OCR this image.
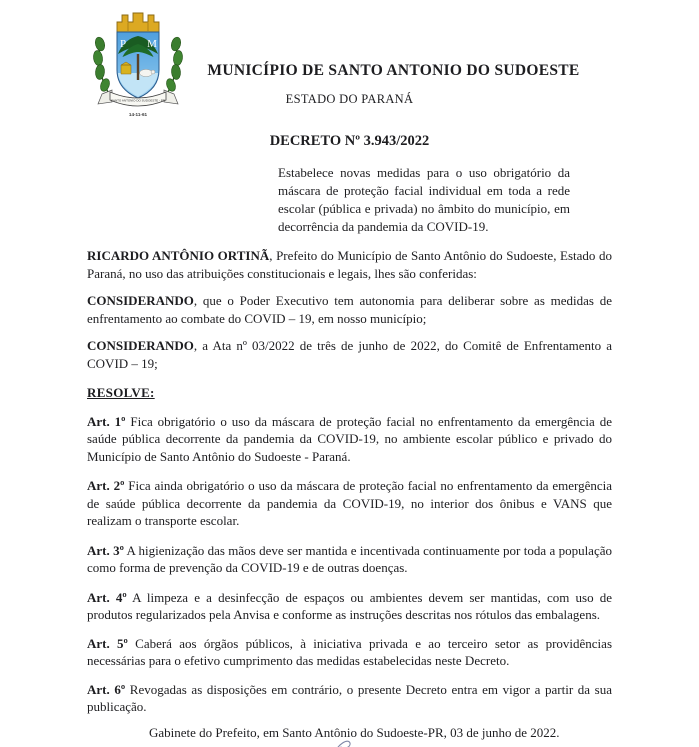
P M
SANTO ANTONIO DO SUDOESTE - PR
14-11-61
MUNICÍPIO DE SANTO ANTONIO DO SUDOESTE
ESTADO DO PARANÁ
DECRETO Nº 3.943/2022

Estabelece novas medidas para o uso obrigatório da máscara de proteção facial individual em toda a rede escolar (pública e privada) no âmbito do município, em decorrência da pandemia da COVID-19.

RICARDO ANTÔNIO ORTINÃ, Prefeito do Município de Santo Antônio do Sudoeste, Estado do Paraná, no uso das atribuições constitucionais e legais, lhes são conferidas:

CONSIDERANDO, que o Poder Executivo tem autonomia para deliberar sobre as medidas de enfrentamento ao combate do COVID – 19, em nosso município;

CONSIDERANDO, a Ata nº 03/2022 de três de junho de 2022, do Comitê de Enfrentamento a COVID – 19;

RESOLVE:

Art. 1º Fica obrigatório o uso da máscara de proteção facial no enfrentamento da emergência de saúde pública decorrente da pandemia da COVID-19, no ambiente escolar público e privado do Município de Santo Antônio do Sudoeste - Paraná.

Art. 2º Fica ainda obrigatório o uso da máscara de proteção facial no enfrentamento da emergência de saúde pública decorrente da pandemia da COVID-19, no interior dos ônibus e VANS que realizam o transporte escolar.

Art. 3º A higienização das mãos deve ser mantida e incentivada continuamente por toda a população como forma de prevenção da COVID-19 e de outras doenças.

Art. 4º A limpeza e a desinfecção de espaços ou ambientes devem ser mantidas, com uso de produtos regularizados pela Anvisa e conforme as instruções descritas nos rótulos das embalagens.

Art. 5º Caberá aos órgãos públicos, à iniciativa privada e ao terceiro setor as providências necessárias para o efetivo cumprimento das medidas estabelecidas neste Decreto.

Art. 6º Revogadas as disposições em contrário, o presente Decreto entra em vigor a partir da sua publicação.

Gabinete do Prefeito, em Santo Antônio do Sudoeste-PR, 03 de junho de 2022.
